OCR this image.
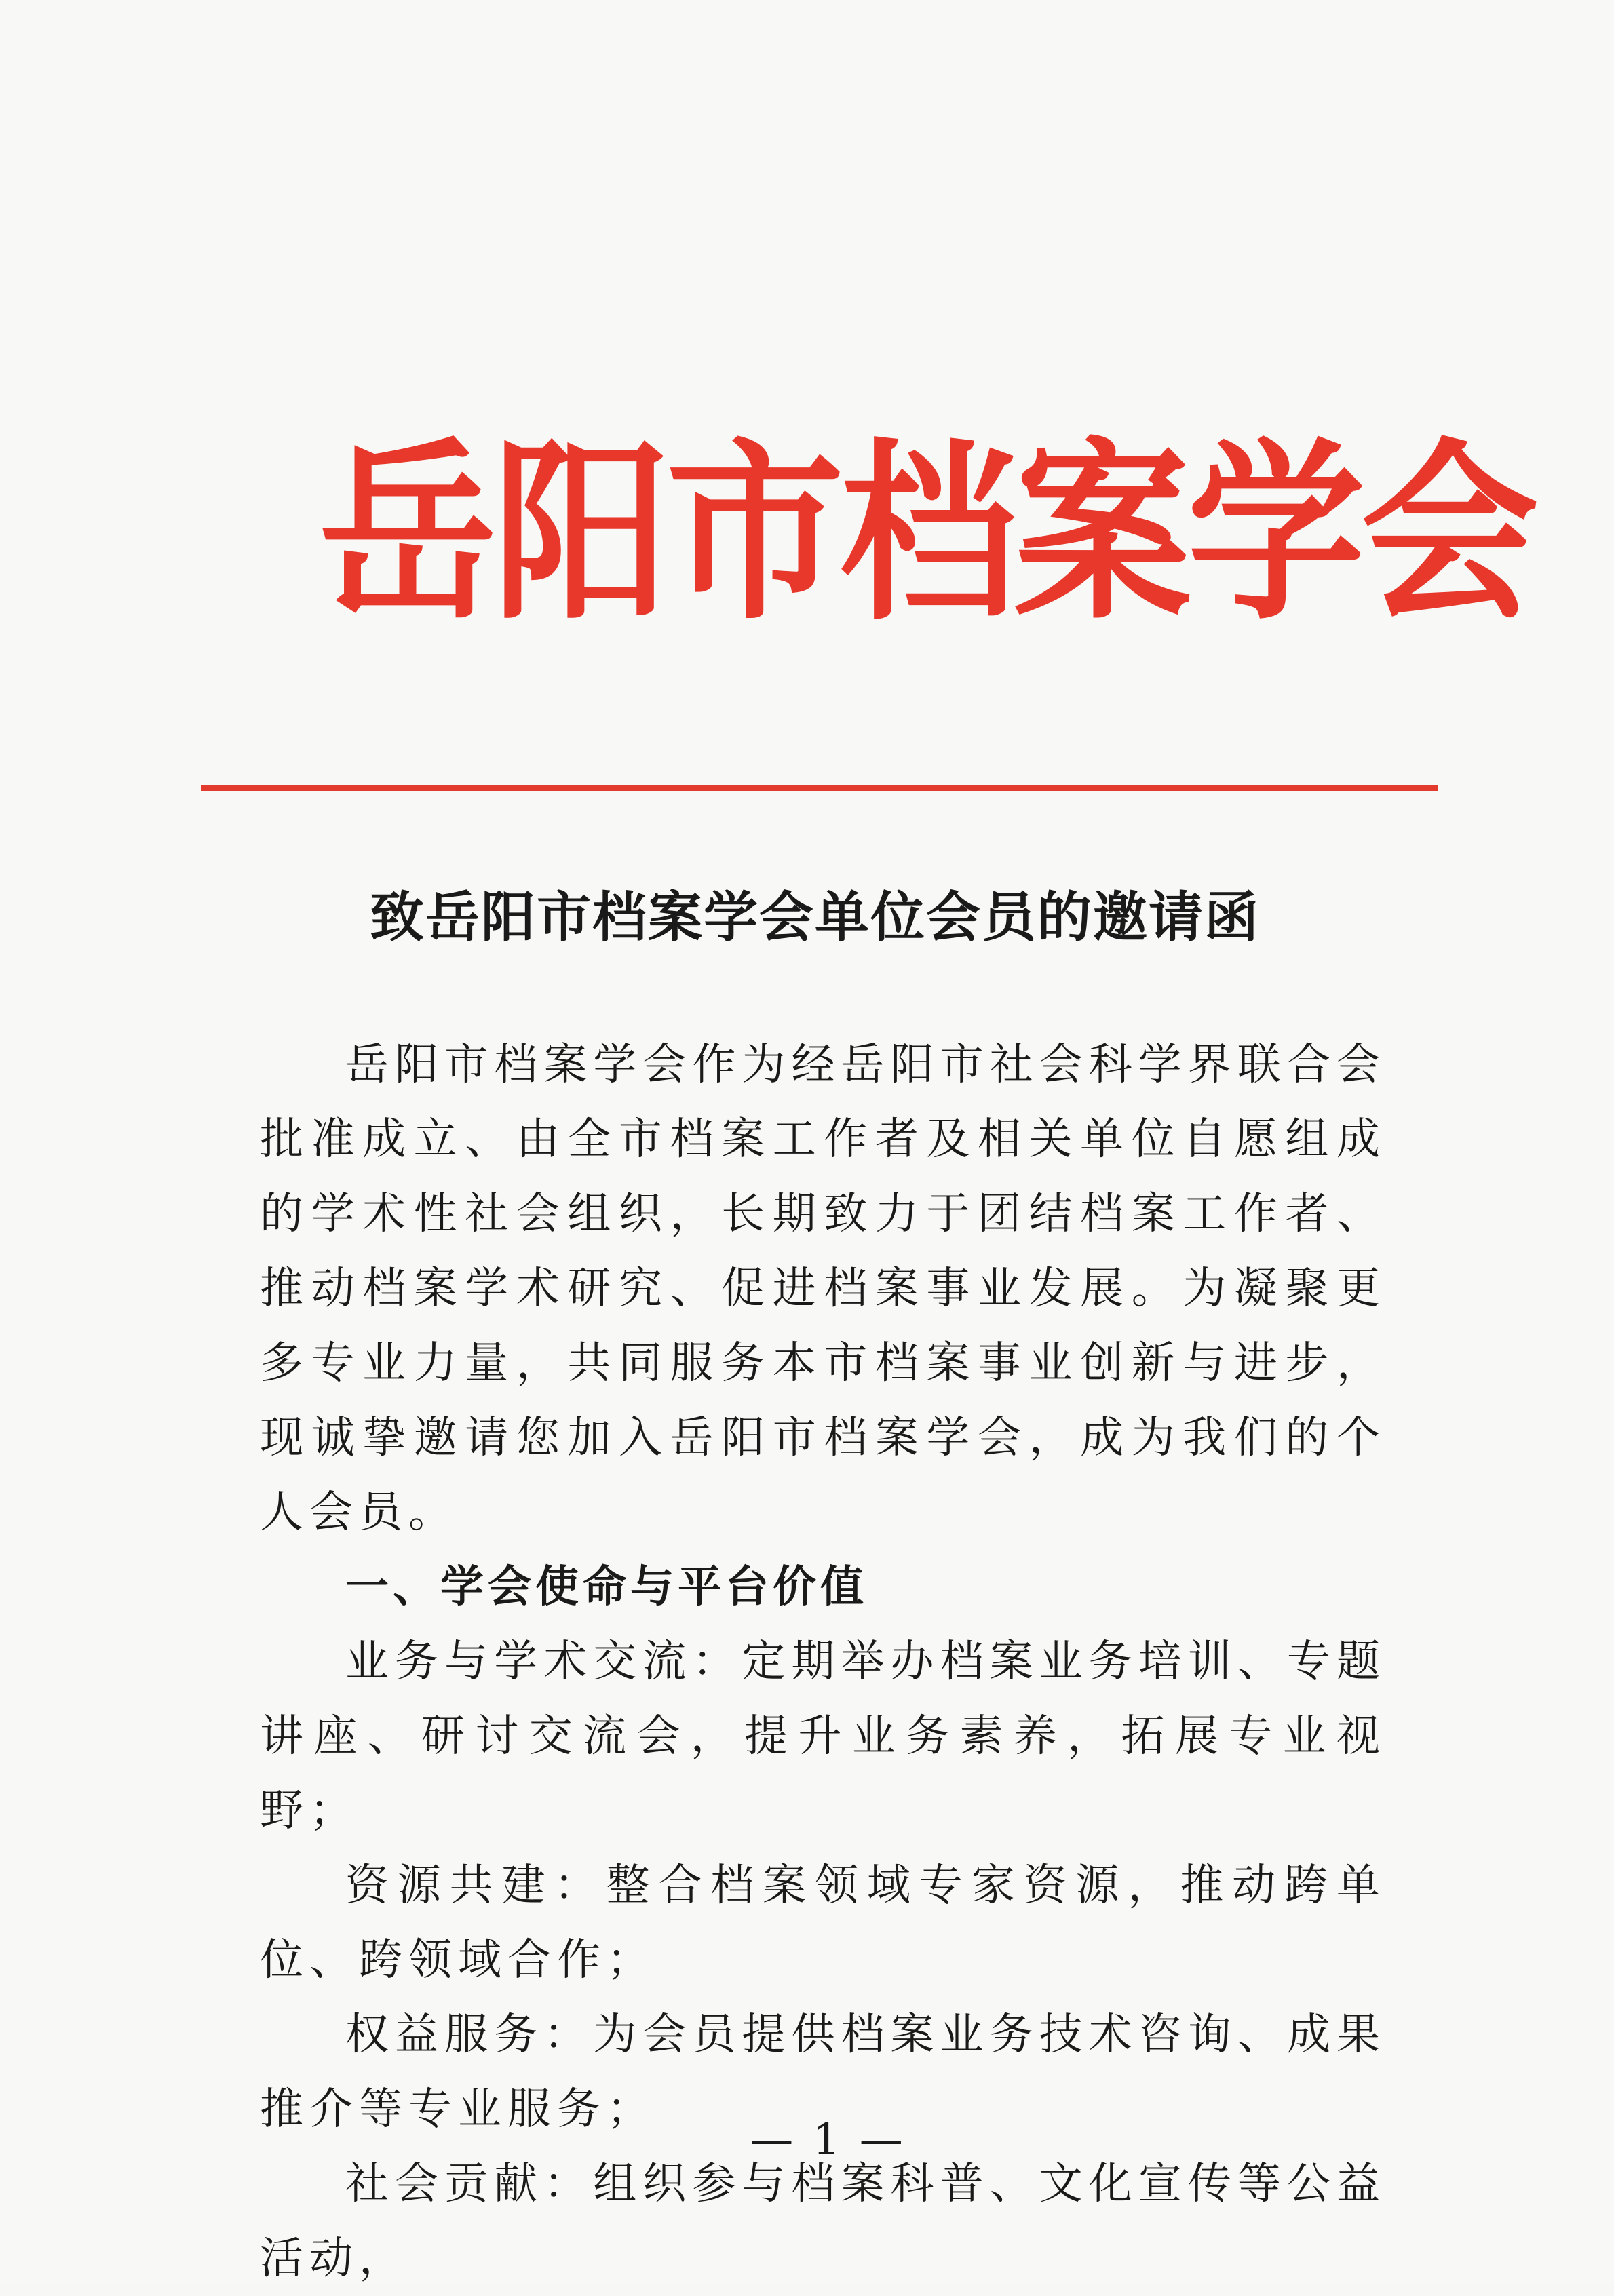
岳阳市档案学会
致岳阳市档案学会单位会员的邀请函

岳阳市档案学会作为经岳阳市社会科学界联合会批准成立、由全市档案工作者及相关单位自愿组成的学术性社会组织，长期致力于团结档案工作者、推动档案学术研究、促进档案事业发展。为凝聚更多专业力量，共同服务本市档案事业创新与进步，现诚挚邀请您加入岳阳市档案学会，成为我们的个人会员。

一、学会使命与平台价值

业务与学术交流：定期举办档案业务培训、专题讲座、研讨交流会，提升业务素养，拓展专业视野；

资源共建：整合档案领域专家资源，推动跨单位、跨领域合作；

权益服务：为会员提供档案业务技术咨询、成果推介等专业服务；

社会贡献：组织参与档案科普、文化宣传等公益活动，

— 1 —
